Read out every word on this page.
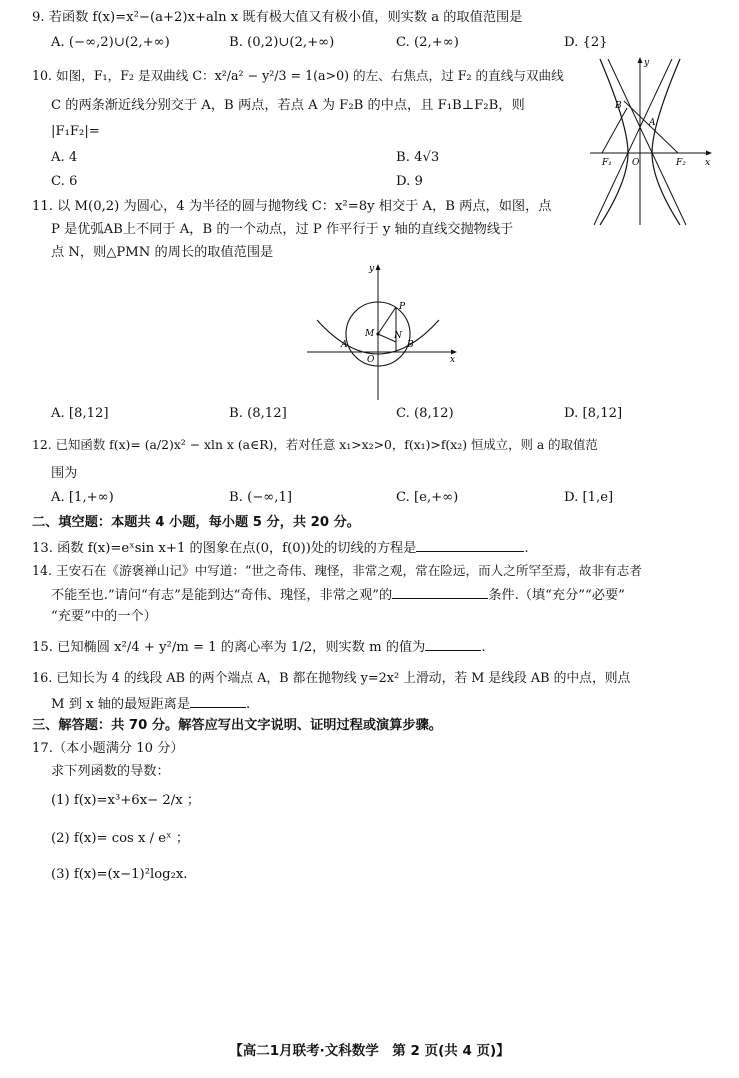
9. 若函数 f(x)=x²−(a+2)x+aln x 既有极大值又有极小值，则实数 a 的取值范围是
A. (−∞,2)∪(2,+∞)	B. (0,2)∪(2,+∞)	C. (2,+∞)	D. {2}
10. 如图，F₁，F₂ 是双曲线 C：x²/a² − y²/3 = 1(a>0) 的左、右焦点，过 F₂ 的直线与双曲线
C 的两条渐近线分别交于 A，B 两点，若点 A 为 F₂B 的中点，且 F₁B⊥F₂B，则
|F₁F₂|=
A. 4	B. 4√3
C. 6	D. 9
y
x
B
A
F₁ O	F₂
11. 以 M(0,2) 为圆心，4 为半径的圆与抛物线 C：x²=8y 相交于 A，B 两点，如图，点
P 是优弧AB上不同于 A，B 的一个动点，过 P 作平行于 y 轴的直线交抛物线于
点 N，则△PMN 的周长的取值范围是
y
x
P
M N
A
O
B
A. [8,12]	B. (8,12]	C. (8,12)	D. [8,12]
12. 已知函数 f(x)= (a/2)x² − xln x (a∈R)，若对任意 x₁>x₂>0，f(x₁)>f(x₂) 恒成立，则 a 的取值范
围为
A. [1,+∞)	B. (−∞,1]	C. [e,+∞)	D. [1,e]
二、填空题：本题共 4 小题，每小题 5 分，共 20 分。
13. 函数 f(x)=eˣsin x+1 的图象在点(0，f(0))处的切线的方程是	.
14. 王安石在《游褒禅山记》中写道：“世之奇伟、瑰怪，非常之观，常在险远，而人之所罕至焉，故非有志者
不能至也.”请问“有志”是能到达“奇伟、瑰怪，非常之观”的	条件.（填“充分”“必要”
“充要”中的一个）
15. 已知椭圆 x²/4 + y²/m = 1 的离心率为 1/2，则实数 m 的值为	.
16. 已知长为 4 的线段 AB 的两个端点 A，B 都在抛物线 y=2x² 上滑动，若 M 是线段 AB 的中点，则点
M 到 x 轴的最短距离是	.
三、解答题：共 70 分。解答应写出文字说明、证明过程或演算步骤。
17.（本小题满分 10 分）
求下列函数的导数：
(1) f(x)=x³+6x− 2/x ；
(2) f(x)= cos x / eˣ ；
(3) f(x)=(x−1)²log₂x.
【高二1月联考·文科数学　第 2 页(共 4 页)】
